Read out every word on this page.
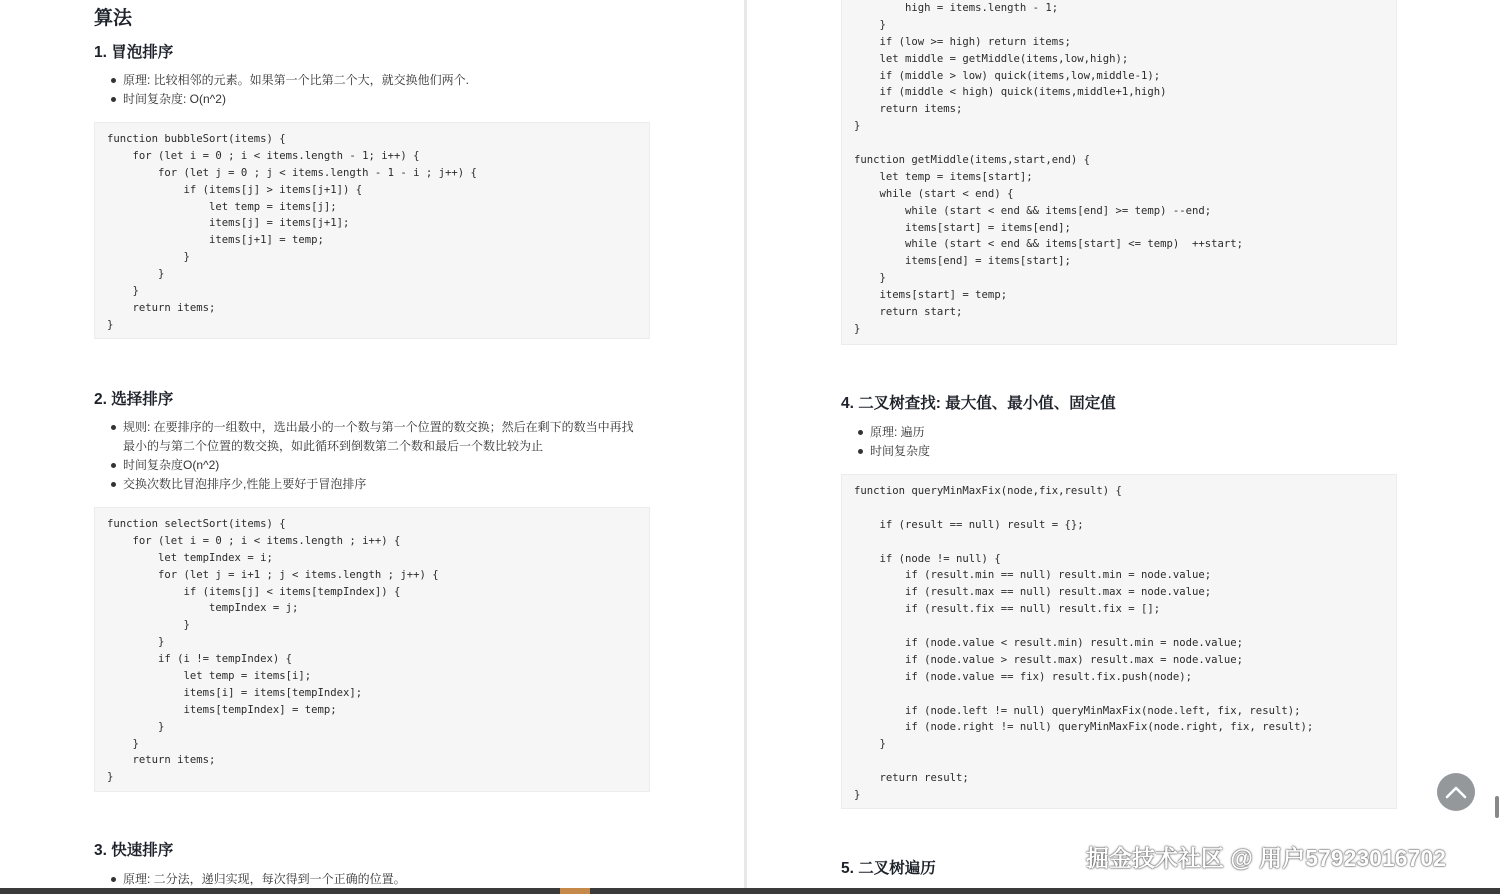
算法
1. 冒泡排序
原理: 比较相邻的元素。如果第一个比第二个大，就交换他们两个.
时间复杂度: O(n^2)
function bubbleSort(items) {
for (let i = 0 ; i < items.length - 1; i++) {
for (let j = 0 ; j < items.length - 1 - i ; j++) {
if (items[j] > items[j+1]) {
let temp = items[j];
items[j] = items[j+1];
items[j+1] = temp;
}
}
}
return items;
}
2. 选择排序
规则: 在要排序的一组数中，选出最小的一个数与第一个位置的数交换；然后在剩下的数当中再找
最小的与第二个位置的数交换，如此循环到倒数第二个数和最后一个数比较为止
时间复杂度O(n^2)
交换次数比冒泡排序少,性能上要好于冒泡排序
function selectSort(items) {
for (let i = 0 ; i < items.length ; i++) {
let tempIndex = i;
for (let j = i+1 ; j < items.length ; j++) {
if (items[j] < items[tempIndex]) {
tempIndex = j;
}
}
if (i != tempIndex) {
let temp = items[i];
items[i] = items[tempIndex];
items[tempIndex] = temp;
}
}
return items;
}
3. 快速排序
原理: 二分法，递归实现，每次得到一个正确的位置。
high = items.length - 1;
}
if (low >= high) return items;
let middle = getMiddle(items,low,high);
if (middle > low) quick(items,low,middle-1);
if (middle < high) quick(items,middle+1,high)
return items;
}
function getMiddle(items,start,end) {
let temp = items[start];
while (start < end) {
while (start < end && items[end] >= temp) --end;
items[start] = items[end];
while (start < end && items[start] <= temp)  ++start;
items[end] = items[start];
}
items[start] = temp;
return start;
}
4. 二叉树查找: 最大值、最小值、固定值
原理: 遍历
时间复杂度
function queryMinMaxFix(node,fix,result) {
if (result == null) result = {};
if (node != null) {
if (result.min == null) result.min = node.value;
if (result.max == null) result.max = node.value;
if (result.fix == null) result.fix = [];
if (node.value < result.min) result.min = node.value;
if (node.value > result.max) result.max = node.value;
if (node.value == fix) result.fix.push(node);
if (node.left != null) queryMinMaxFix(node.left, fix, result);
if (node.right != null) queryMinMaxFix(node.right, fix, result);
}
return result;
}
5. 二叉树遍历	掘金技术社区 @ 用户57923016702
